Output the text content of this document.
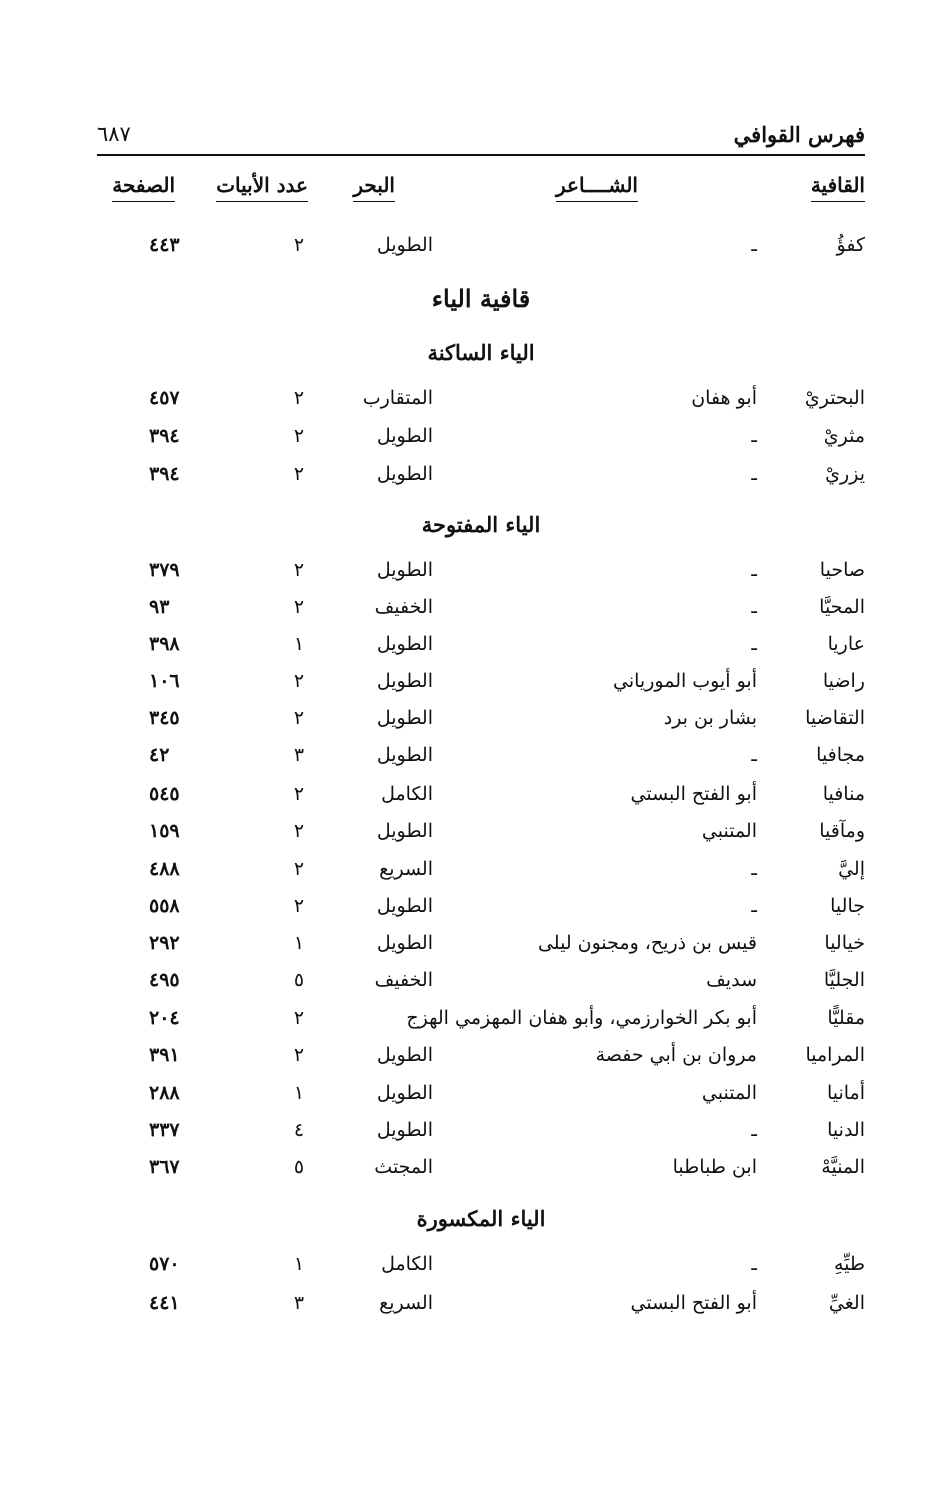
فهرس القوافي
٦٨٧
القافية
الشــــاعر
البحر
عدد الأبيات
الصفحة
كفؤُ
ـ
الطويل
٢
٤٤٣
قافية الياء
الياء الساكنة
البحتريْ
أبو هفان
المتقارب
٢
٤٥٧
مثريْ
ـ
الطويل
٢
٣٩٤
يزريْ
ـ
الطويل
٢
٣٩٤
الياء المفتوحة
صاحيا
ـ
الطويل
٢
٣٧٩
المحيَّا
ـ
الخفيف
٢
٩٣
عاريا
ـ
الطويل
١
٣٩٨
راضيا
أبو أيوب المورياني
الطويل
٢
١٠٦
التقاضيا
بشار بن برد
الطويل
٢
٣٤٥
مجافيا
ـ
الطويل
٣
٤٢
منافيا
أبو الفتح البستي
الكامل
٢
٥٤٥
ومآقيا
المتنبي
الطويل
٢
١٥٩
إليَّ
ـ
السريع
٢
٤٨٨
جاليا
ـ
الطويل
٢
٥٥٨
خياليا
قيس بن ذريح، ومجنون ليلى
الطويل
١
٢٩٢
الجليَّا
سديف
الخفيف
٥
٤٩٥
مقليًّا
أبو بكر الخوارزمي، وأبو هفان المهزمي الهزج
٢
٢٠٤
المراميا
مروان بن أبي حفصة
الطويل
٢
٣٩١
أمانيا
المتنبي
الطويل
١
٢٨٨
الدنيا
ـ
الطويل
٤
٣٣٧
المنيَّهْ
ابن طباطبا
المجتث
٥
٣٦٧
الياء المكسورة
طيِّهِ
ـ
الكامل
١
٥٧٠
الغيِّ
أبو الفتح البستي
السريع
٣
٤٤١
